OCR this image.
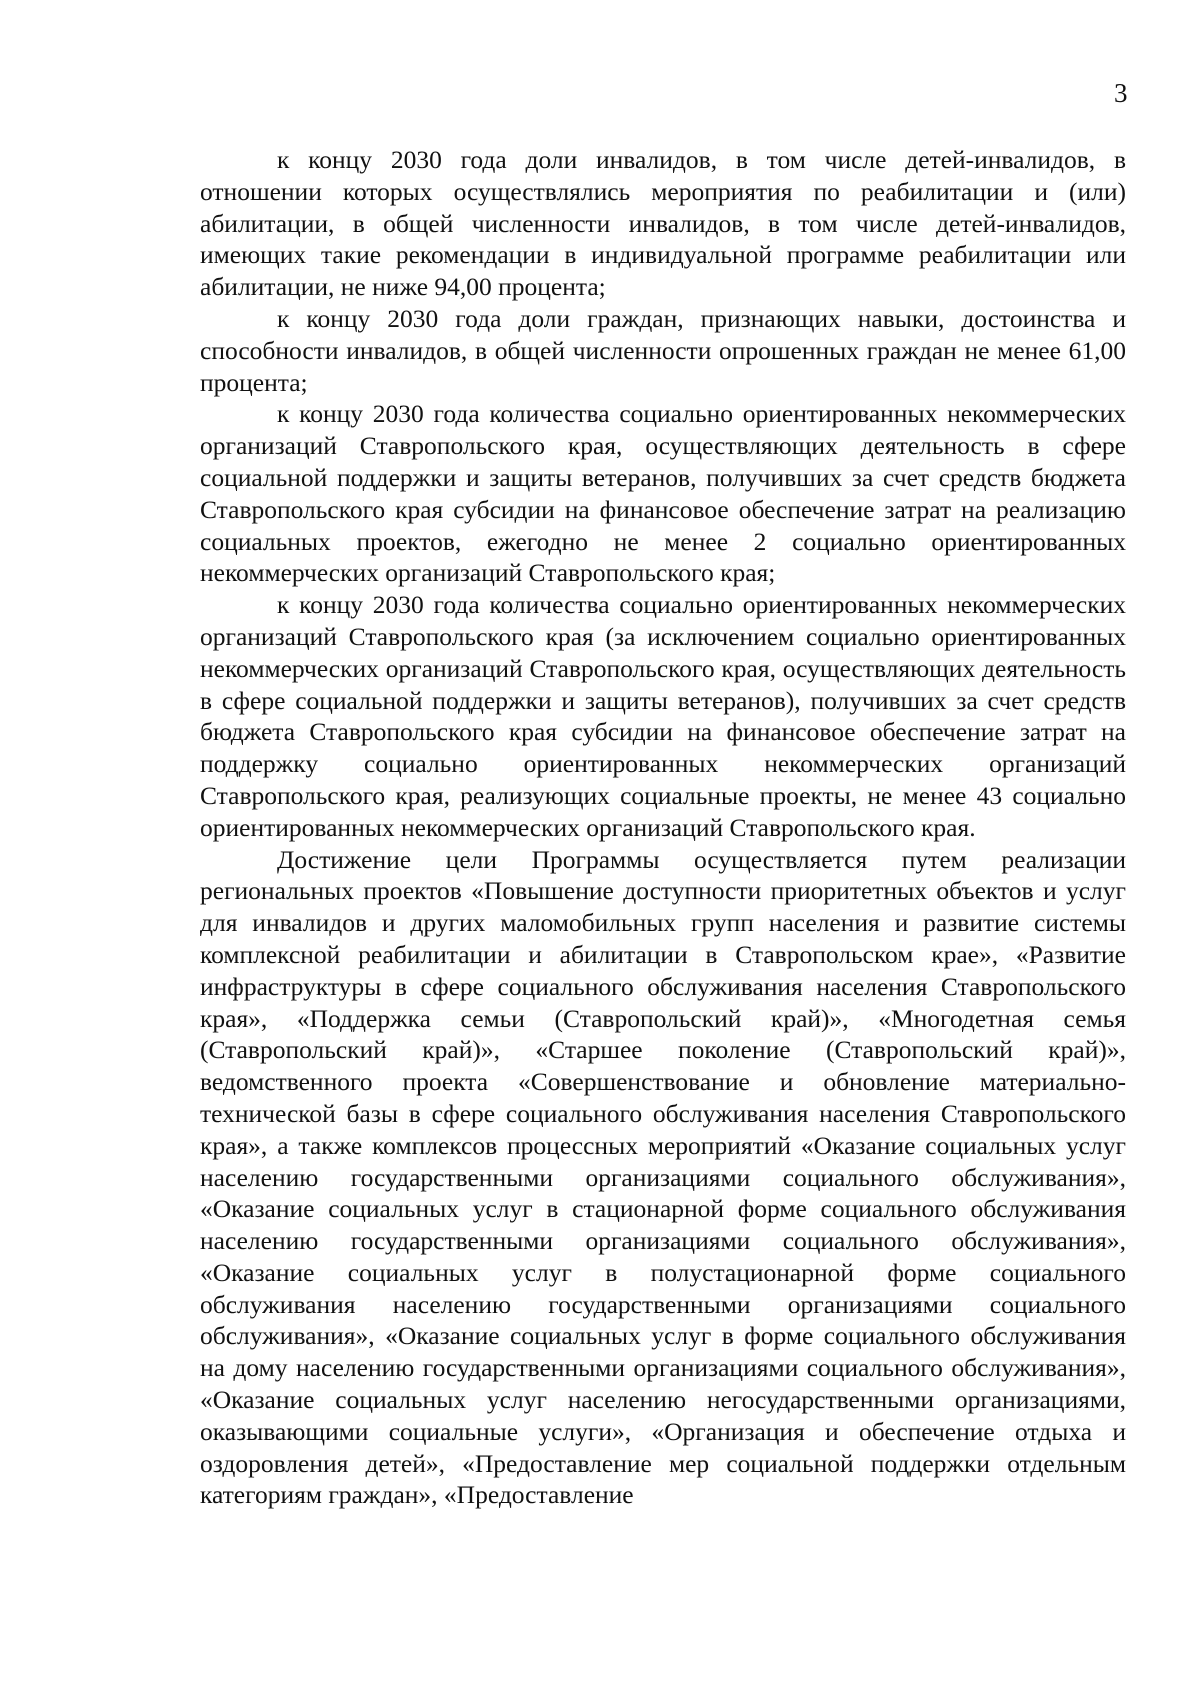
3

к концу 2030 года доли инвалидов, в том числе детей-инвалидов, в отношении которых осуществлялись мероприятия по реабилитации и (или) абилитации, в общей численности инвалидов, в том числе детей-инвалидов, имеющих такие рекомендации в индивидуальной программе реабилитации или абилитации, не ниже 94,00 процента;

к концу 2030 года доли граждан, признающих навыки, достоинства и способности инвалидов, в общей численности опрошенных граждан не менее 61,00 процента;

к концу 2030 года количества социально ориентированных некоммерческих организаций Ставропольского края, осуществляющих деятельность в сфере социальной поддержки и защиты ветеранов, получивших за счет средств бюджета Ставропольского края субсидии на финансовое обеспечение затрат на реализацию социальных проектов, ежегодно не менее 2 социально ориентированных некоммерческих организаций Ставропольского края;

к концу 2030 года количества социально ориентированных некоммерческих организаций Ставропольского края (за исключением социально ориентированных некоммерческих организаций Ставропольского края, осуществляющих деятельность в сфере социальной поддержки и защиты ветеранов), получивших за счет средств бюджета Ставропольского края субсидии на финансовое обеспечение затрат на поддержку социально ориентированных некоммерческих организаций Ставропольского края, реализующих социальные проекты, не менее 43 социально ориентированных некоммерческих организаций Ставропольского края.

Достижение цели Программы осуществляется путем реализации региональных проектов «Повышение доступности приоритетных объектов и услуг для инвалидов и других маломобильных групп населения и развитие системы комплексной реабилитации и абилитации в Ставропольском крае», «Развитие инфраструктуры в сфере социального обслуживания населения Ставропольского края», «Поддержка семьи (Ставропольский край)», «Многодетная семья (Ставропольский край)», «Старшее поколение (Ставропольский край)», ведомственного проекта «Совершенствование и обновление материально-технической базы в сфере социального обслуживания населения Ставропольского края», а также комплексов процессных мероприятий «Оказание социальных услуг населению государственными организациями социального обслуживания», «Оказание социальных услуг в стационарной форме социального обслуживания населению государственными организациями социального обслуживания», «Оказание социальных услуг в полустационарной форме социального обслуживания населению государственными организациями социального обслуживания», «Оказание социальных услуг в форме социального обслуживания на дому населению государственными организациями социального обслуживания», «Оказание социальных услуг населению негосударственными организациями, оказывающими социальные услуги», «Организация и обеспечение отдыха и оздоровления детей», «Предоставление мер социальной поддержки отдельным категориям граждан», «Предоставление
